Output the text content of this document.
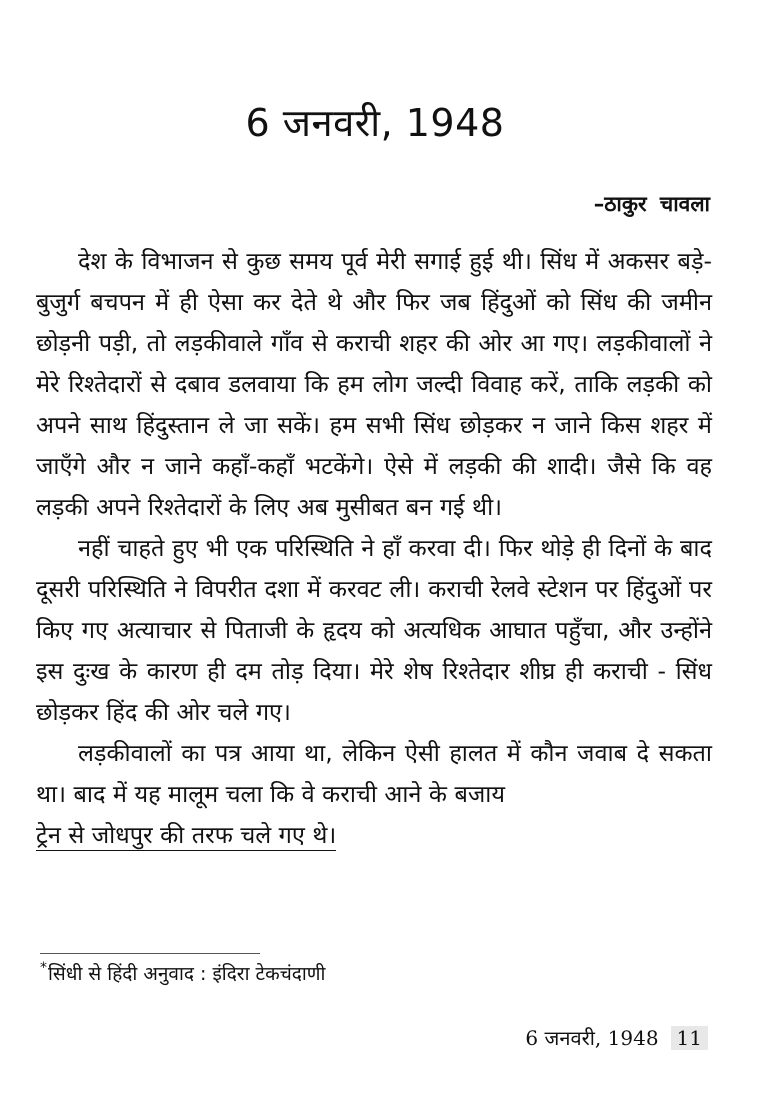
6 जनवरी, 1948
–ठाकुर चावला

देश के विभाजन से कुछ समय पूर्व मेरी सगाई हुई थी। सिंध में अकसर बड़े-बुजुर्ग बचपन में ही ऐसा कर देते थे और फिर जब हिंदुओं को सिंध की जमीन छोड़नी पड़ी, तो लड़कीवाले गाँव से कराची शहर की ओर आ गए। लड़कीवालों ने मेरे रिश्तेदारों से दबाव डलवाया कि हम लोग जल्दी विवाह करें, ताकि लड़की को अपने साथ हिंदुस्तान ले जा सकें। हम सभी सिंध छोड़कर न जाने किस शहर में जाएँगे और न जाने कहाँ-कहाँ भटकेंगे। ऐसे में लड़की की शादी। जैसे कि वह लड़की अपने रिश्तेदारों के लिए अब मुसीबत बन गई थी।

नहीं चाहते हुए भी एक परिस्थिति ने हाँ करवा दी। फिर थोड़े ही दिनों के बाद दूसरी परिस्थिति ने विपरीत दशा में करवट ली। कराची रेलवे स्टेशन पर हिंदुओं पर किए गए अत्याचार से पिताजी के हृदय को अत्यधिक आघात पहुँचा, और उन्होंने इस दुःख के कारण ही दम तोड़ दिया। मेरे शेष रिश्तेदार शीघ्र ही कराची - सिंध छोड़कर हिंद की ओर चले गए।

लड़कीवालों का पत्र आया था, लेकिन ऐसी हालत में कौन जवाब दे सकता था। बाद में यह मालूम चला कि वे कराची आने के बजाय
ट्रेन से जोधपुर की तरफ चले गए थे।

*सिंधी से हिंदी अनुवाद : इंदिरा टेकचंदाणी
6 जनवरी, 1948 11
